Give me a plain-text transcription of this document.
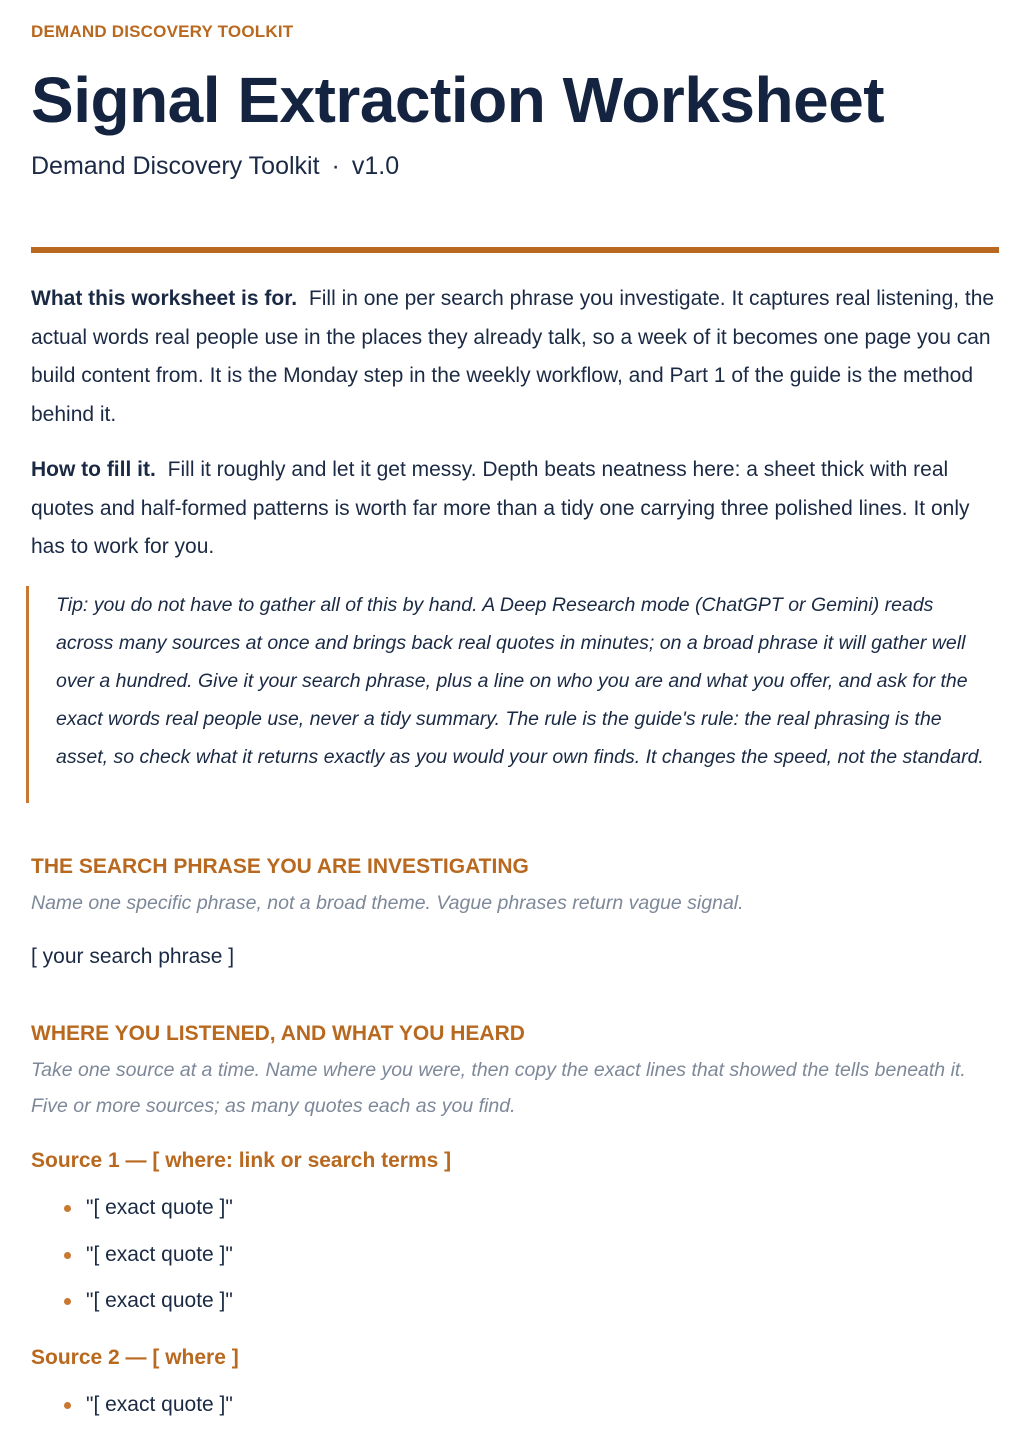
DEMAND DISCOVERY TOOLKIT
Signal Extraction Worksheet
Demand Discovery Toolkit · v1.0

What this worksheet is for. Fill in one per search phrase you investigate. It captures real listening, the actual words real people use in the places they already talk, so a week of it becomes one page you can build content from. It is the Monday step in the weekly workflow, and Part 1 of the guide is the method behind it.

How to fill it. Fill it roughly and let it get messy. Depth beats neatness here: a sheet thick with real quotes and half-formed patterns is worth far more than a tidy one carrying three polished lines. It only has to work for you.

Tip: you do not have to gather all of this by hand. A Deep Research mode (ChatGPT or Gemini) reads across many sources at once and brings back real quotes in minutes; on a broad phrase it will gather well over a hundred. Give it your search phrase, plus a line on who you are and what you offer, and ask for the exact words real people use, never a tidy summary. The rule is the guide's rule: the real phrasing is the asset, so check what it returns exactly as you would your own finds. It changes the speed, not the standard.

THE SEARCH PHRASE YOU ARE INVESTIGATING

Name one specific phrase, not a broad theme. Vague phrases return vague signal.

[ your search phrase ]
WHERE YOU LISTENED, AND WHAT YOU HEARD

Take one source at a time. Name where you were, then copy the exact lines that showed the tells beneath it. Five or more sources; as many quotes each as you find.

Source 1 — [ where: link or search terms ]
"[ exact quote ]"
"[ exact quote ]"
"[ exact quote ]"
Source 2 — [ where ]
"[ exact quote ]"
